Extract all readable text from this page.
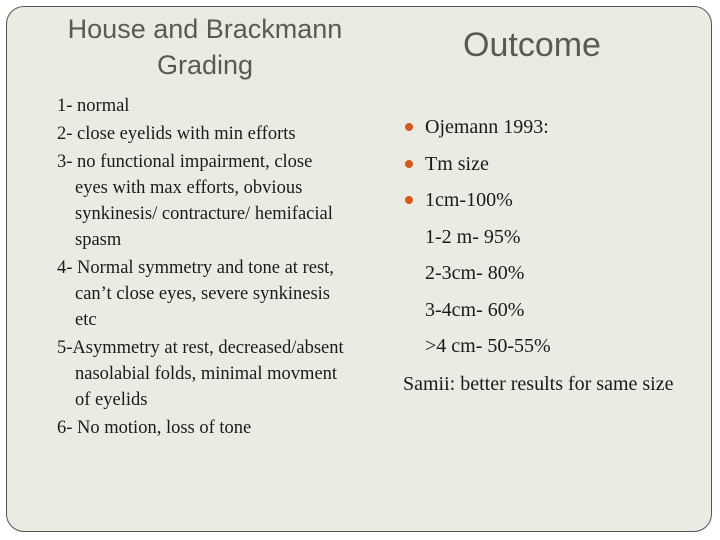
House and Brackmann
Grading
Outcome
1- normal
2- close eyelids with min efforts
3- no functional impairment, close eyes with max efforts, obvious synkinesis/ contracture/ hemifacial spasm
4- Normal symmetry and tone at rest, can’t close eyes, severe synkinesis etc
5-Asymmetry at rest, decreased/absent nasolabial folds, minimal movment of eyelids
6- No motion, loss of tone
Ojemann 1993:
Tm size
1cm-100%
1-2 m- 95%
2-3cm- 80%
3-4cm- 60%
>4 cm- 50-55%
Samii: better results for same size
